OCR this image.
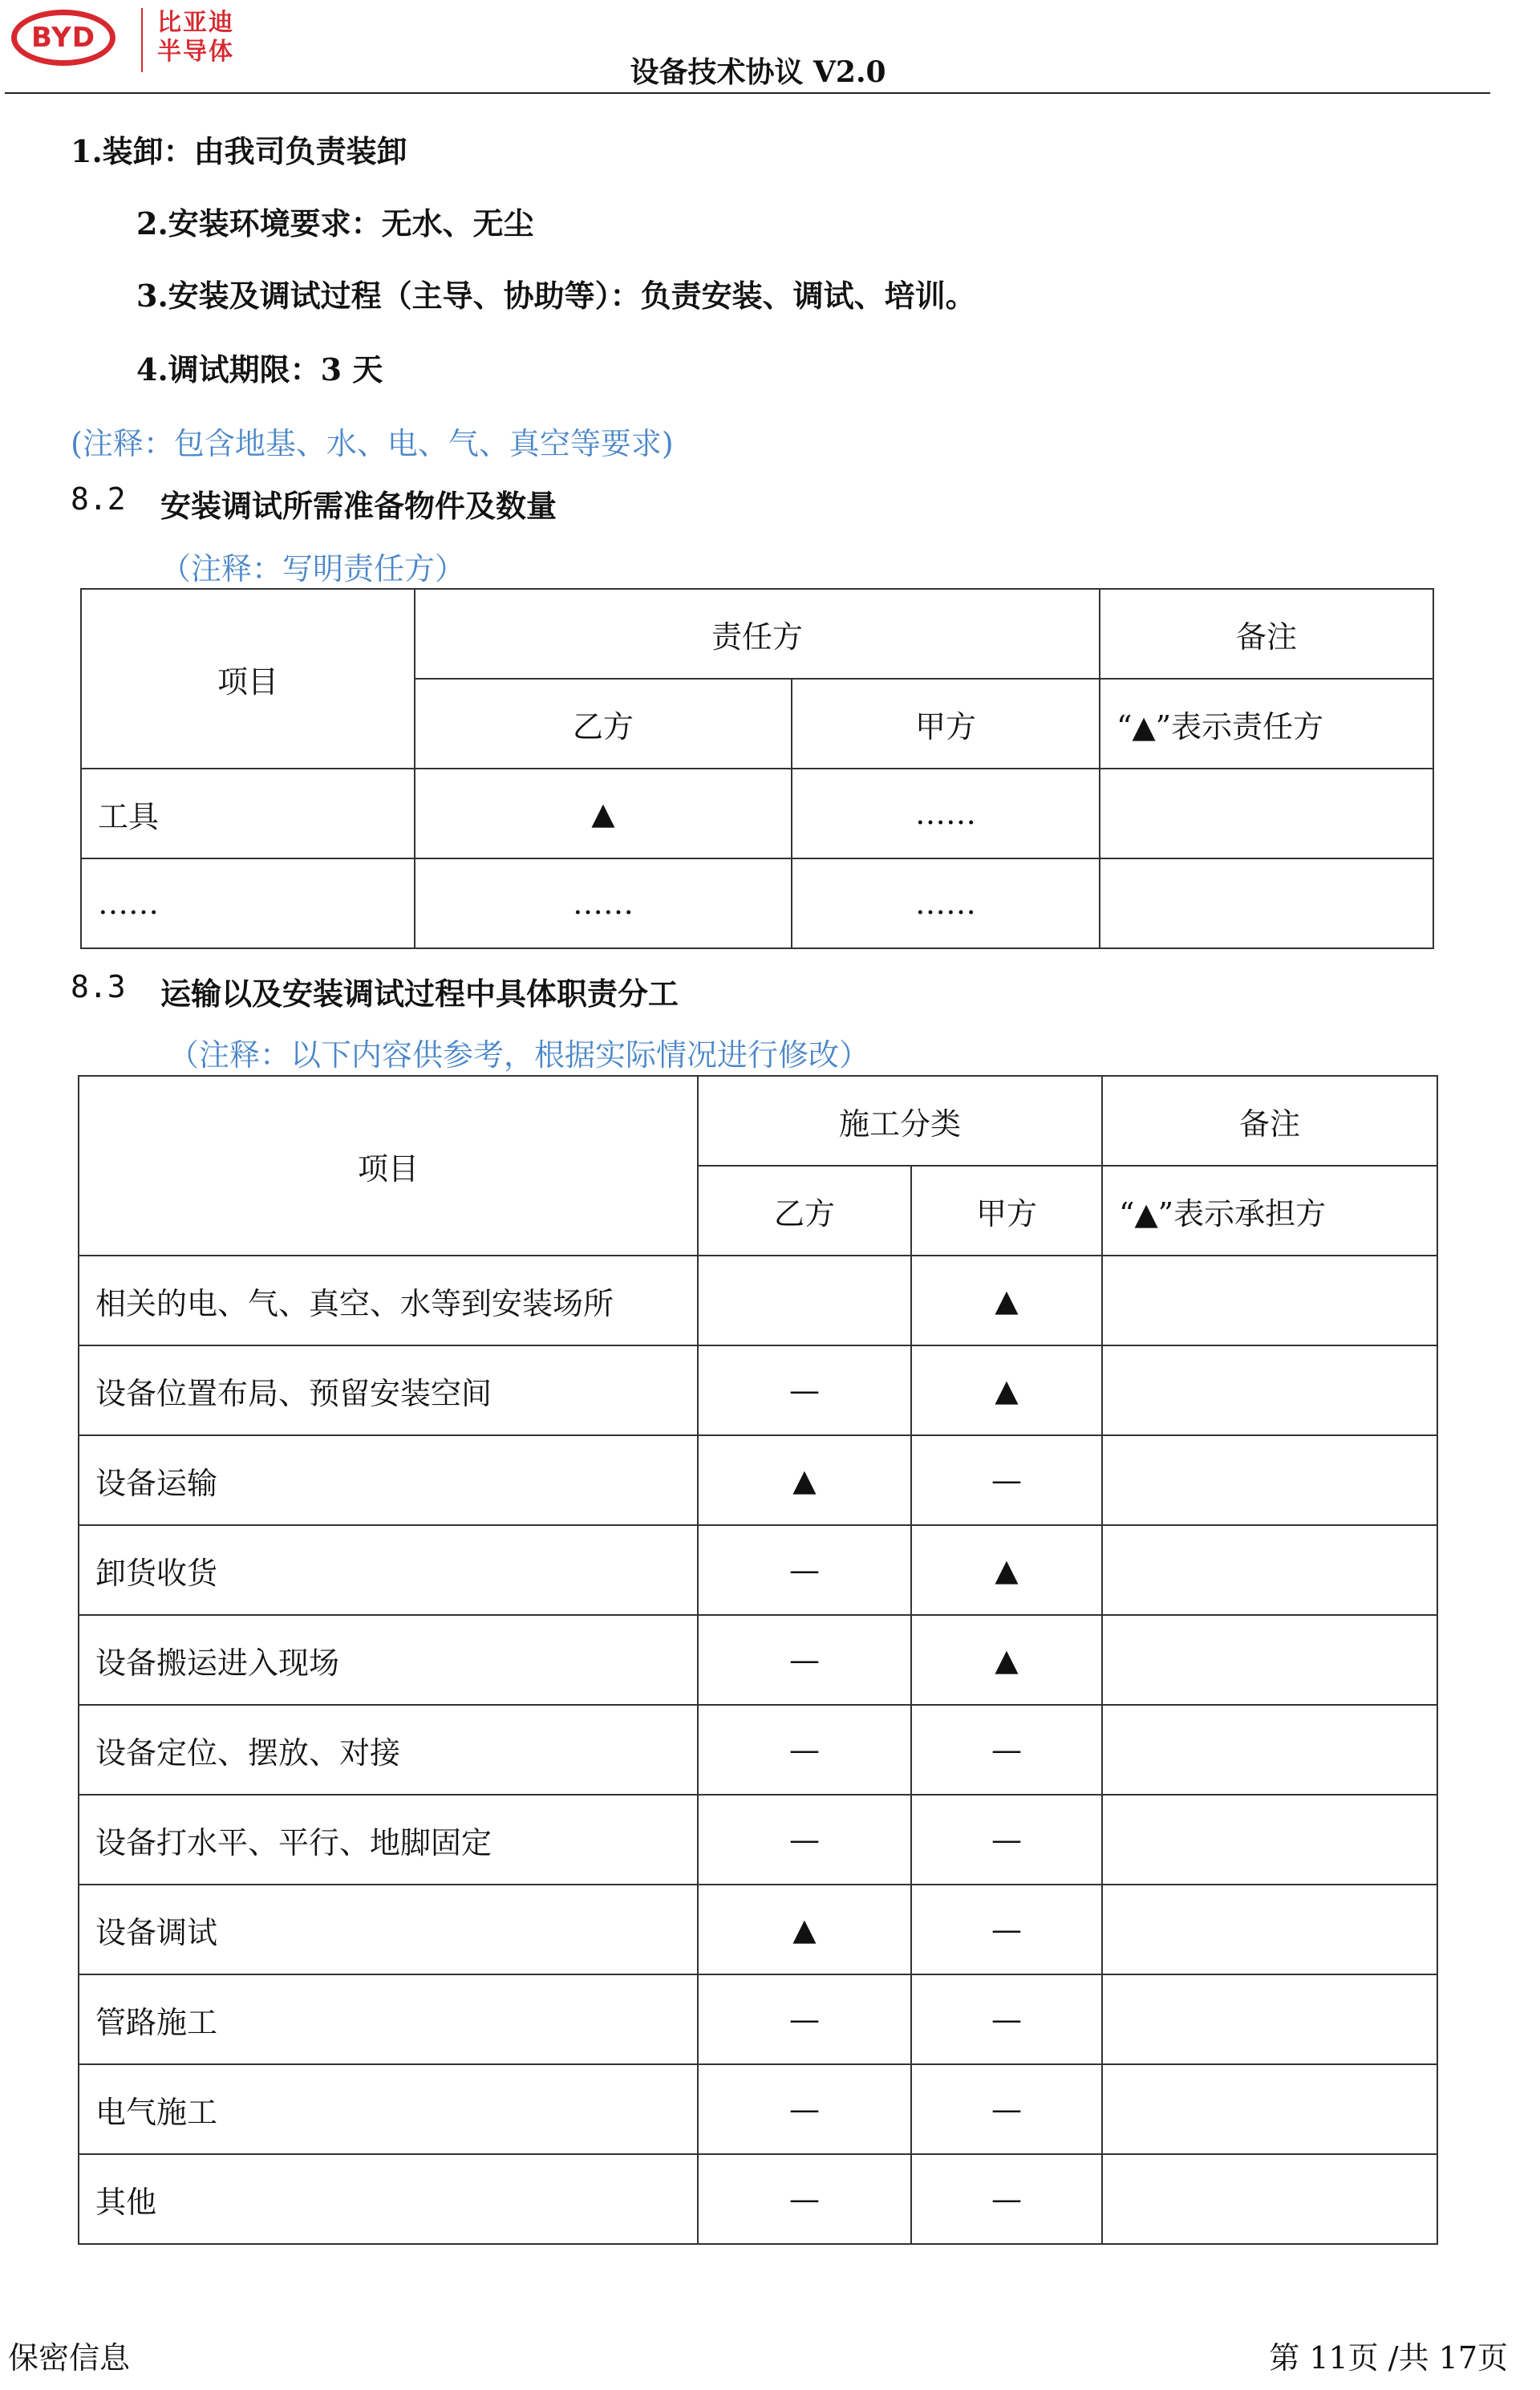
BYD	比亚迪
半导体
设备技术协议 V2.0
1.装卸：由我司负责装卸
2.安装环境要求：无水、无尘
3.安装及调试过程（主导、协助等）：负责安装、调试、培训。
4.调试期限：3 天
(注释：包含地基、水、电、气、真空等要求)
8.2 安装调试所需准备物件及数量
（注释：写明责任方）
项目	责任方		备注
	乙方	甲方	“▲”表示责任方
工具	▲	……	
……	……	……	
8.3 运输以及安装调试过程中具体职责分工
（注释：以下内容供参考，根据实际情况进行修改）
项目	施工分类		备注
	乙方	甲方	“▲”表示承担方
相关的电、气、真空、水等到安装场所		▲	
设备位置布局、预留安装空间	—	▲	
设备运输	▲	—	
卸货收货	—	▲	
设备搬运进入现场	—	▲	
设备定位、摆放、对接	—	—	
设备打水平、平行、地脚固定	—	—	
设备调试	▲	—	
管路施工	—	—	
电气施工	—	—	
其他	—	—	
保密信息	第 11页 /共 17页
